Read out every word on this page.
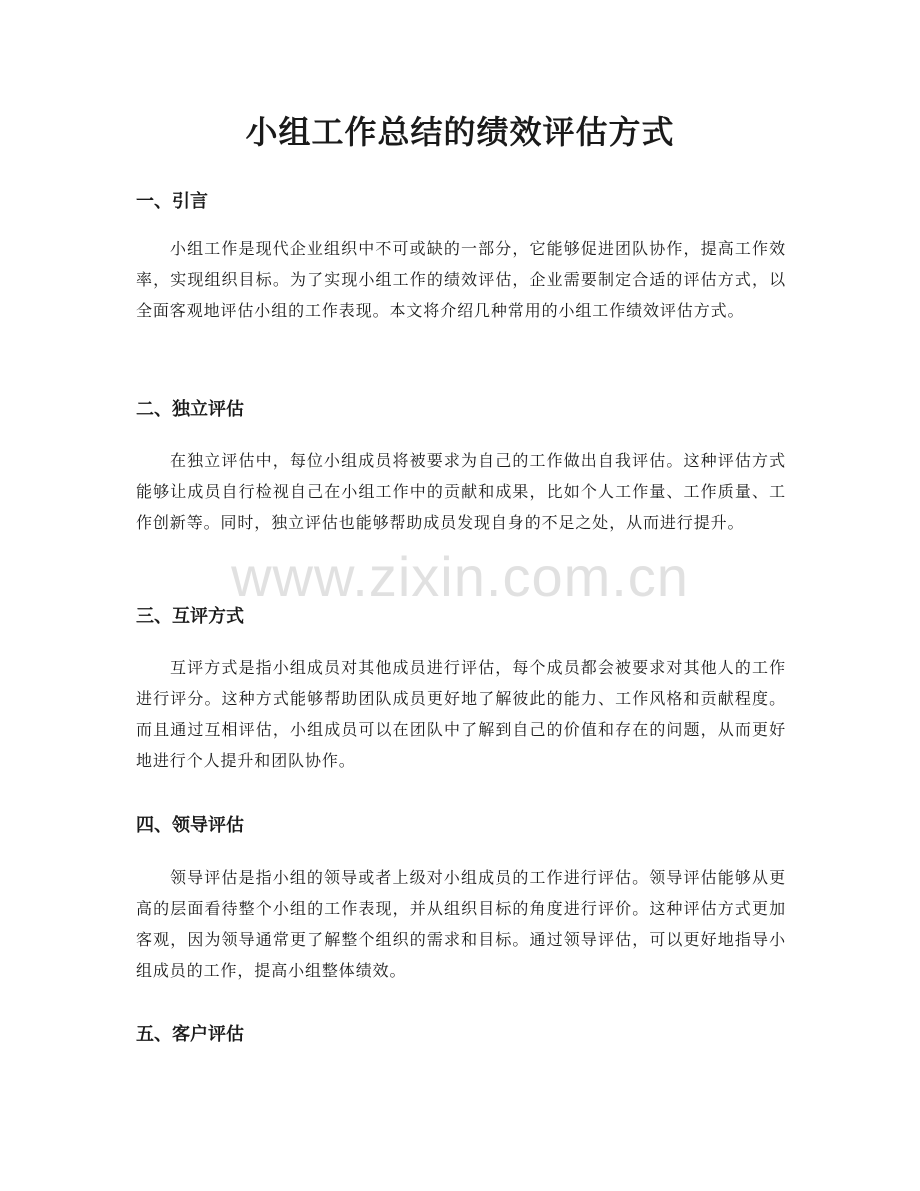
小组工作总结的绩效评估方式
一、引言

小组工作是现代企业组织中不可或缺的一部分，它能够促进团队协作，提高工作效率，实现组织目标。为了实现小组工作的绩效评估，企业需要制定合适的评估方式，以全面客观地评估小组的工作表现。本文将介绍几种常用的小组工作绩效评估方式。

二、独立评估

在独立评估中，每位小组成员将被要求为自己的工作做出自我评估。这种评估方式能够让成员自行检视自己在小组工作中的贡献和成果，比如个人工作量、工作质量、工作创新等。同时，独立评估也能够帮助成员发现自身的不足之处，从而进行提升。

三、互评方式

互评方式是指小组成员对其他成员进行评估，每个成员都会被要求对其他人的工作进行评分。这种方式能够帮助团队成员更好地了解彼此的能力、工作风格和贡献程度。而且通过互相评估，小组成员可以在团队中了解到自己的价值和存在的问题，从而更好地进行个人提升和团队协作。

四、领导评估

领导评估是指小组的领导或者上级对小组成员的工作进行评估。领导评估能够从更高的层面看待整个小组的工作表现，并从组织目标的角度进行评价。这种评估方式更加客观，因为领导通常更了解整个组织的需求和目标。通过领导评估，可以更好地指导小组成员的工作，提高小组整体绩效。

五、客户评估
www.zixin.com.cn
